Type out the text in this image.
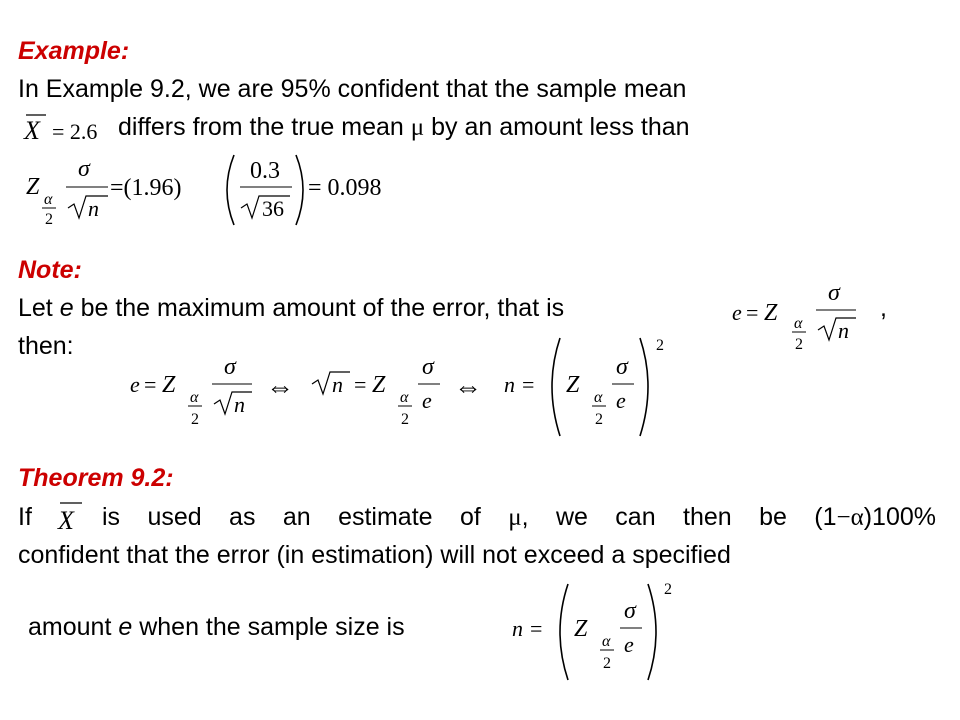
Example:
In Example 9.2, we are 95% confident that the sample mean
X = 2.6 differs from the true mean μ by an amount less than
Z α
2
σ
n
=(1.96)
0.3
36
= 0.098
Note:
Let e be the maximum amount of the error, that is	e = Z α
2
σ
n
,
then:
e = Z α
2
σ
n
⇔ n = Z α
2
σ
e ⇔ n = Z α
2
σ
e
2
Theorem 9.2:
If X is used as an estimate of μ, we can then be (1−α)100%
confident that the error (in estimation) will not exceed a specified
amount e when the sample size is	n = Z α
2
σ
e
2
